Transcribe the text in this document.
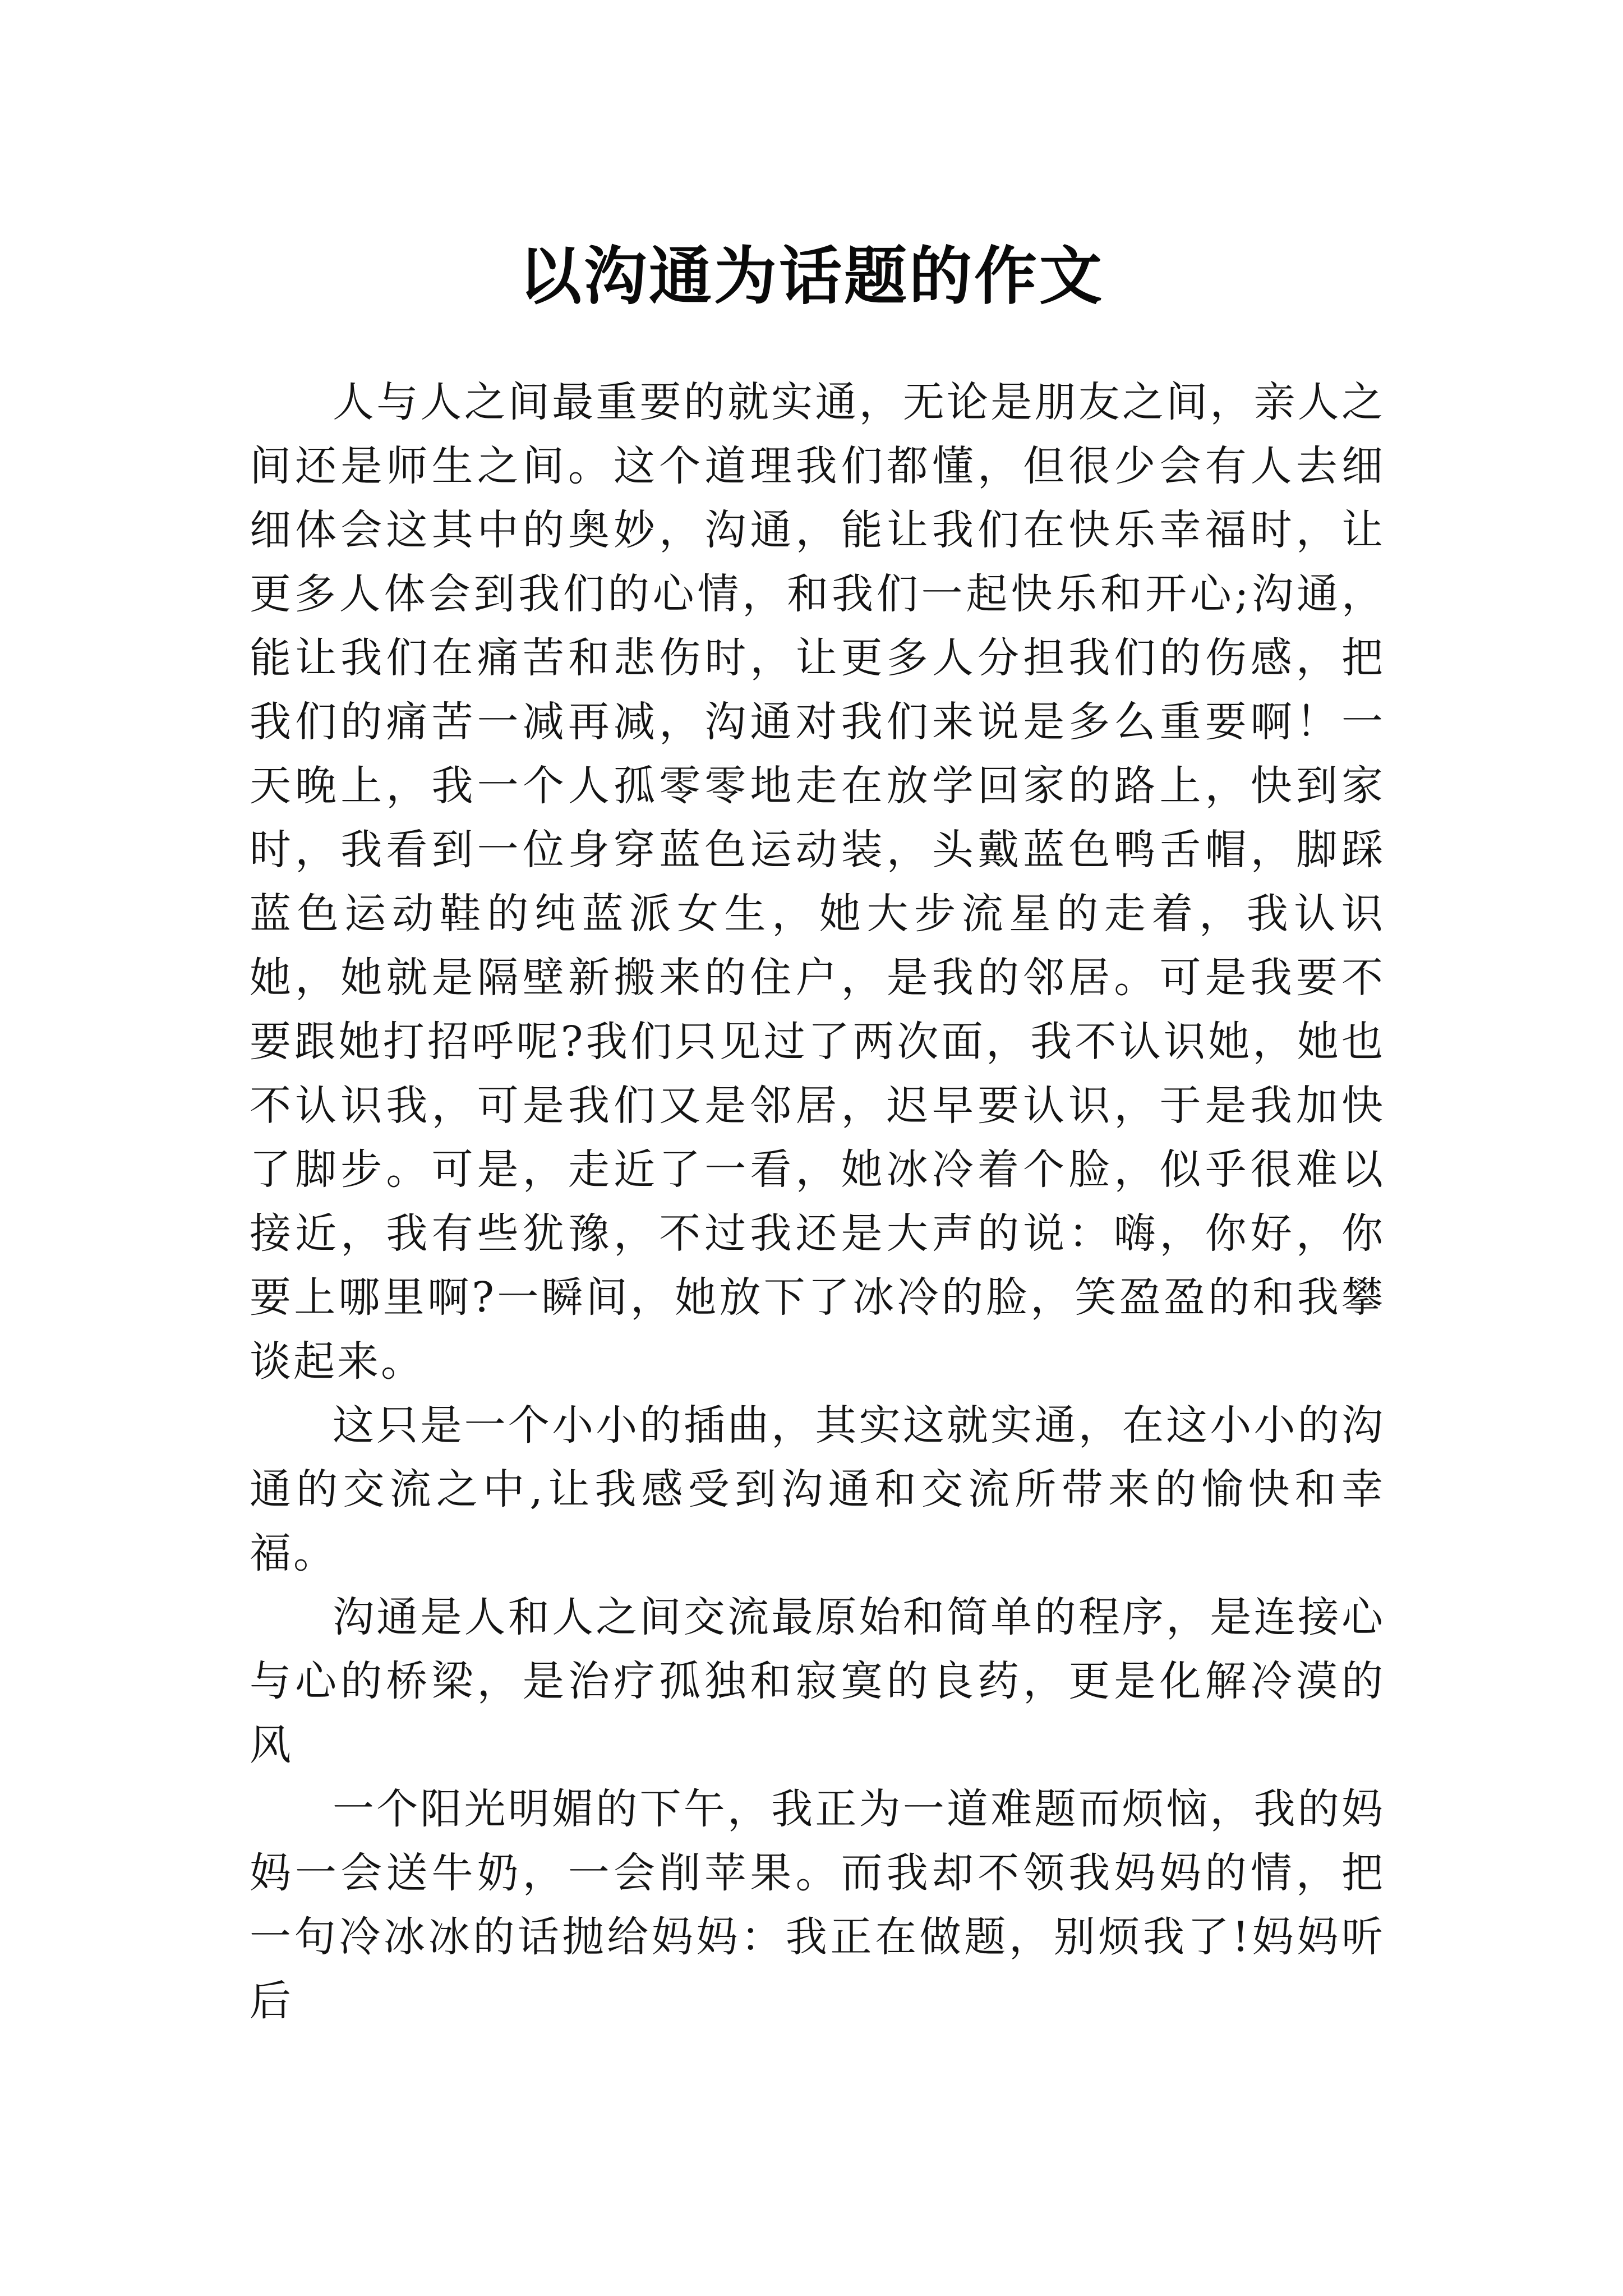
以沟通为话题的作文

人与人之间最重要的就实通，无论是朋友之间，亲人之间还是师生之间。这个道理我们都懂，但很少会有人去细细体会这其中的奥妙，沟通，能让我们在快乐幸福时，让更多人体会到我们的心情，和我们一起快乐和开心;沟通，能让我们在痛苦和悲伤时，让更多人分担我们的伤感，把我们的痛苦一减再减，沟通对我们来说是多么重要啊！一天晚上，我一个人孤零零地走在放学回家的路上，快到家时，我看到一位身穿蓝色运动装，头戴蓝色鸭舌帽，脚踩蓝色运动鞋的纯蓝派女生，她大步流星的走着，我认识她，她就是隔壁新搬来的住户，是我的邻居。可是我要不要跟她打招呼呢?我们只见过了两次面，我不认识她，她也不认识我，可是我们又是邻居，迟早要认识，于是我加快了脚步。可是，走近了一看，她冰冷着个脸，似乎很难以接近，我有些犹豫，不过我还是大声的说：嗨，你好，你要上哪里啊?一瞬间，她放下了冰冷的脸，笑盈盈的和我攀谈起来。

这只是一个小小的插曲，其实这就实通，在这小小的沟通的交流之中,让我感受到沟通和交流所带来的愉快和幸福。

沟通是人和人之间交流最原始和简单的程序，是连接心与心的桥梁，是治疗孤独和寂寞的良药，更是化解冷漠的风

一个阳光明媚的下午，我正为一道难题而烦恼，我的妈妈一会送牛奶，一会削苹果。而我却不领我妈妈的情，把一句冷冰冰的话抛给妈妈：我正在做题，别烦我了!妈妈听后
